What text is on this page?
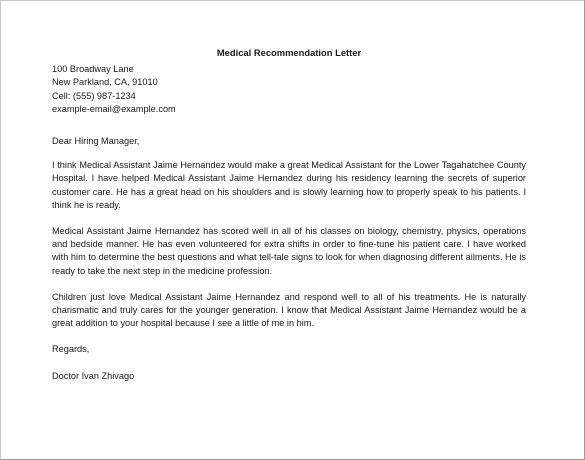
Medical Recommendation Letter
100 Broadway Lane
New Parkland, CA, 91010
Cell: (555) 987-1234
example-email@example.com
Dear Hiring Manager,

I think Medical Assistant Jaime Hernandez would make a great Medical Assistant for the Lower Tagahatchee County Hospital. I have helped Medical Assistant Jaime Hernandez during his residency learning the secrets of superior customer care. He has a great head on his shoulders and is slowly learning how to properly speak to his patients. I think he is ready.

Medical Assistant Jaime Hernandez has scored well in all of his classes on biology, chemistry, physics, operations and bedside manner. He has even volunteered for extra shifts in order to fine-tune his patient care. I have worked with him to determine the best questions and what tell-tale signs to look for when diagnosing different ailments. He is ready to take the next step in the medicine profession.

Children just love Medical Assistant Jaime Hernandez and respond well to all of his treatments. He is naturally charismatic and truly cares for the younger generation. I know that Medical Assistant Jaime Hernandez would be a great addition to your hospital because I see a little of me in him.

Regards,
Doctor Ivan Zhivago
